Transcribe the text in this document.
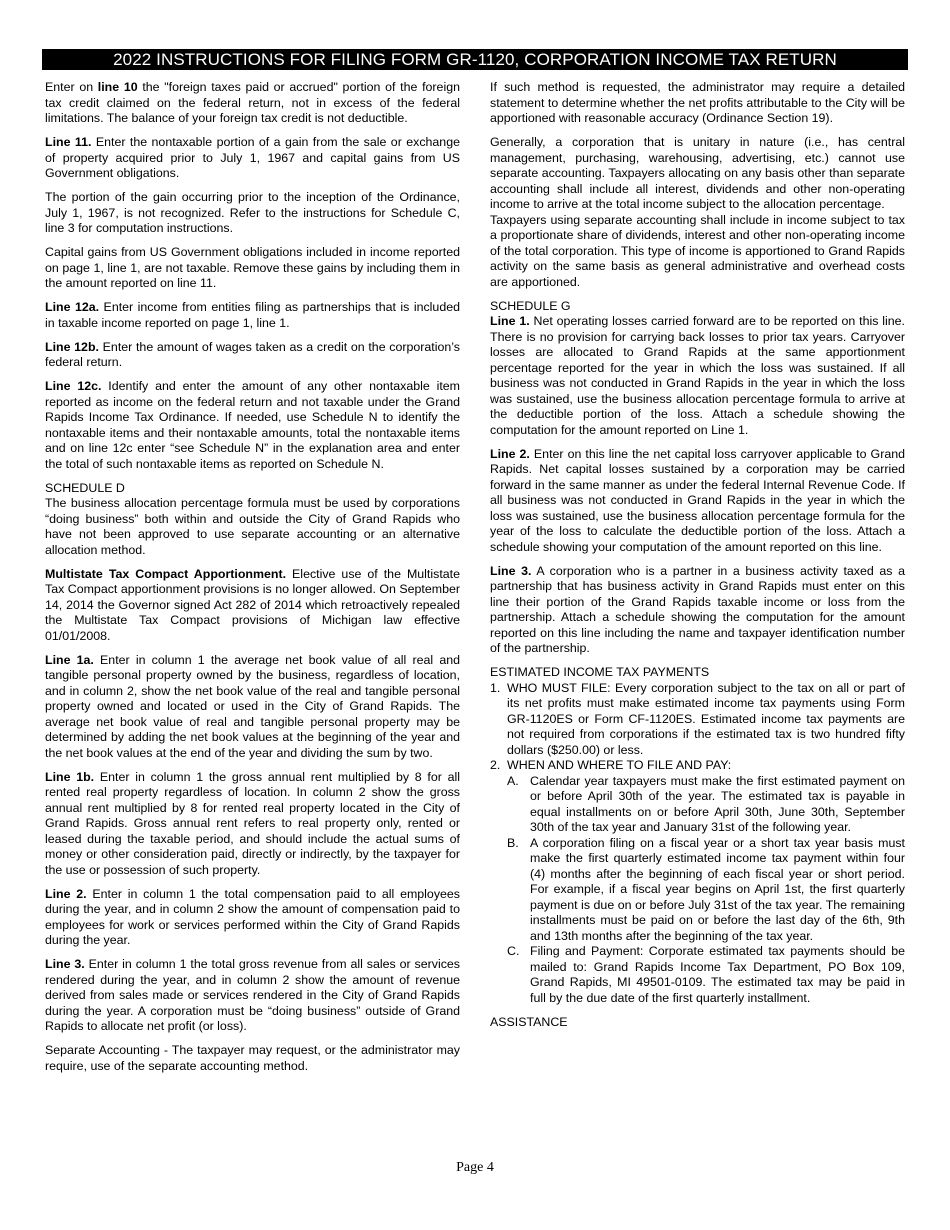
2022 INSTRUCTIONS FOR FILING FORM GR-1120, CORPORATION INCOME TAX RETURN

Enter on line 10 the "foreign taxes paid or accrued" portion of the foreign tax credit claimed on the federal return, not in excess of the federal limitations. The balance of your foreign tax credit is not deductible.

Line 11. Enter the nontaxable portion of a gain from the sale or exchange of property acquired prior to July 1, 1967 and capital gains from US Government obligations.

The portion of the gain occurring prior to the inception of the Ordinance, July 1, 1967, is not recognized. Refer to the instructions for Schedule C, line 3 for computation instructions.

Capital gains from US Government obligations included in income reported on page 1, line 1, are not taxable. Remove these gains by including them in the amount reported on line 11.

Line 12a. Enter income from entities filing as partnerships that is included in taxable income reported on page 1, line 1.

Line 12b. Enter the amount of wages taken as a credit on the corporation’s federal return.

Line 12c. Identify and enter the amount of any other nontaxable item reported as income on the federal return and not taxable under the Grand Rapids Income Tax Ordinance. If needed, use Schedule N to identify the nontaxable items and their nontaxable amounts, total the nontaxable items and on line 12c enter “see Schedule N” in the explanation area and enter the total of such nontaxable items as reported on Schedule N.

SCHEDULE D

The business allocation percentage formula must be used by corporations “doing business” both within and outside the City of Grand Rapids who have not been approved to use separate accounting or an alternative allocation method.

Multistate Tax Compact Apportionment. Elective use of the Multistate Tax Compact apportionment provisions is no longer allowed. On September 14, 2014 the Governor signed Act 282 of 2014 which retroactively repealed the Multistate Tax Compact provisions of Michigan law effective 01/01/2008.

Line 1a. Enter in column 1 the average net book value of all real and tangible personal property owned by the business, regardless of location, and in column 2, show the net book value of the real and tangible personal property owned and located or used in the City of Grand Rapids. The average net book value of real and tangible personal property may be determined by adding the net book values at the beginning of the year and the net book values at the end of the year and dividing the sum by two.

Line 1b. Enter in column 1 the gross annual rent multiplied by 8 for all rented real property regardless of location. In column 2 show the gross annual rent multiplied by 8 for rented real property located in the City of Grand Rapids. Gross annual rent refers to real property only, rented or leased during the taxable period, and should include the actual sums of money or other consideration paid, directly or indirectly, by the taxpayer for the use or possession of such property.

Line 2. Enter in column 1 the total compensation paid to all employees during the year, and in column 2 show the amount of compensation paid to employees for work or services performed within the City of Grand Rapids during the year.

Line 3. Enter in column 1 the total gross revenue from all sales or services rendered during the year, and in column 2 show the amount of revenue derived from sales made or services rendered in the City of Grand Rapids during the year. A corporation must be “doing business” outside of Grand Rapids to allocate net profit (or loss).

Separate Accounting - The taxpayer may request, or the administrator may require, use of the separate accounting method.

If such method is requested, the administrator may require a detailed statement to determine whether the net profits attributable to the City will be apportioned with reasonable accuracy (Ordinance Section 19).

Generally, a corporation that is unitary in nature (i.e., has central management, purchasing, warehousing, advertising, etc.) cannot use separate accounting. Taxpayers allocating on any basis other than separate accounting shall include all interest, dividends and other non-operating income to arrive at the total income subject to the allocation percentage.

Taxpayers using separate accounting shall include in income subject to tax a proportionate share of dividends, interest and other non-operating income of the total corporation. This type of income is apportioned to Grand Rapids activity on the same basis as general administrative and overhead costs are apportioned.

SCHEDULE G

Line 1. Net operating losses carried forward are to be reported on this line. There is no provision for carrying back losses to prior tax years. Carryover losses are allocated to Grand Rapids at the same apportionment percentage reported for the year in which the loss was sustained. If all business was not conducted in Grand Rapids in the year in which the loss was sustained, use the business allocation percentage formula to arrive at the deductible portion of the loss. Attach a schedule showing the computation for the amount reported on Line 1.

Line 2. Enter on this line the net capital loss carryover applicable to Grand Rapids. Net capital losses sustained by a corporation may be carried forward in the same manner as under the federal Internal Revenue Code. If all business was not conducted in Grand Rapids in the year in which the loss was sustained, use the business allocation percentage formula for the year of the loss to calculate the deductible portion of the loss. Attach a schedule showing your computation of the amount reported on this line.

Line 3. A corporation who is a partner in a business activity taxed as a partnership that has business activity in Grand Rapids must enter on this line their portion of the Grand Rapids taxable income or loss from the partnership. Attach a schedule showing the computation for the amount reported on this line including the name and taxpayer identification number of the partnership.

ESTIMATED INCOME TAX PAYMENTS
1. WHO MUST FILE: Every corporation subject to the tax on all or part of its net profits must make estimated income tax payments using Form GR-1120ES or Form CF-1120ES. Estimated income tax payments are not required from corporations if the estimated tax is two hundred fifty dollars ($250.00) or less.
2. WHEN AND WHERE TO FILE AND PAY:
A. Calendar year taxpayers must make the first estimated payment on or before April 30th of the year. The estimated tax is payable in equal installments on or before April 30th, June 30th, September 30th of the tax year and January 31st of the following year.
B. A corporation filing on a fiscal year or a short tax year basis must make the first quarterly estimated income tax payment within four (4) months after the beginning of each fiscal year or short period. For example, if a fiscal year begins on April 1st, the first quarterly payment is due on or before July 31st of the tax year. The remaining installments must be paid on or before the last day of the 6th, 9th and 13th months after the beginning of the tax year.
C. Filing and Payment: Corporate estimated tax payments should be mailed to: Grand Rapids Income Tax Department, PO Box 109, Grand Rapids, MI 49501-0109. The estimated tax may be paid in full by the due date of the first quarterly installment.
ASSISTANCE
Page 4
